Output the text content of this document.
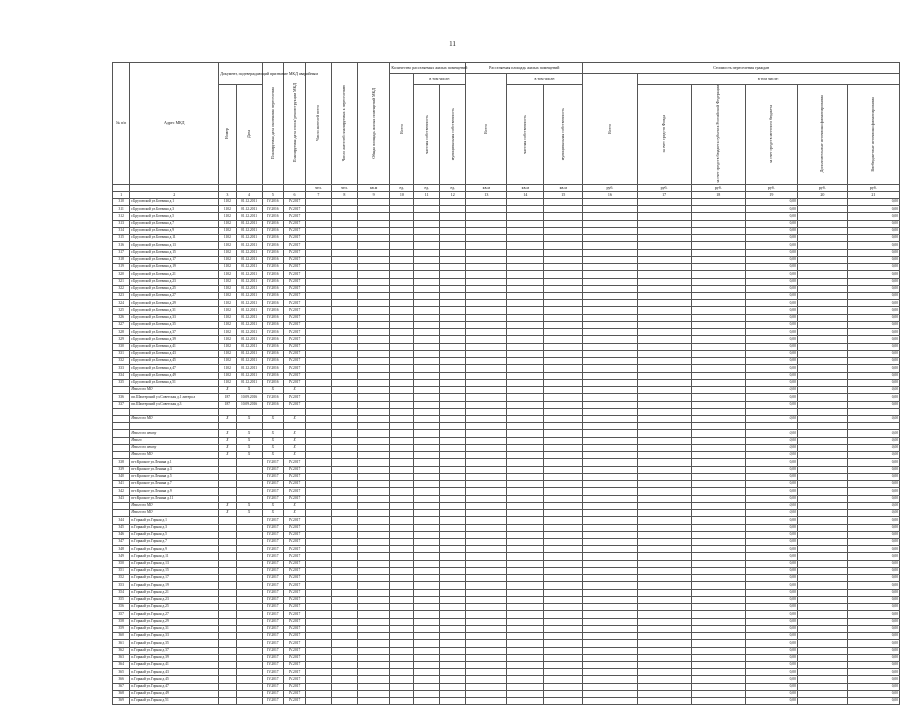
11
№ п/п	Адрес МКД	Документ, подтверждающий признание МКД аварийным		Планируемая дата окончания переселения	Планируемая дата сноса/ реконструкции МКД	Число жителей всего	Число жителей планируемых к переселению	Общая площадь жилых помещений МКД	Количество расселяемых жилых помещений			Расселяемая площадь жилых помещений			Стоимость переселения граждан					
									Всего	в том числе:		Всего	в том числе:		Всего	в том числе:				
		Номер	Дата							частная собственность	муниципальная собственность		частная собственность	муниципальная собственность		за счет средств Фонда	за счет средств бюджета субъекта Российской Федерации	за счет средств местного бюджета	Дополнительные источники финансирования	Внебюджетные источники финансирования
						чел.	чел.	кв.м	ед.	ед.	ед.	кв.м	кв.м	кв.м	руб.	руб.	руб.	руб.	руб.	руб.
1	2	3	4	5	6	7	8	9	10	11	12	13	14	15	16	17	18	19	20	21
310	г.Брусовской ул.Ботвина д.1	1102	01.12.2011	IV.2016	IV.2017													0,00		0,00
311	г.Брусовской ул.Ботвина д.3	1102	01.12.2011	IV.2016	IV.2017													0,00		0,00
312	г.Брусовской ул.Ботвина д.5	1102	01.12.2011	IV.2016	IV.2017													0,00		0,00
313	г.Брусовской ул.Ботвина д.7	1102	01.12.2011	IV.2016	IV.2017													0,00		0,00
314	г.Брусовской ул.Ботвина д.9	1102	01.12.2011	IV.2016	IV.2017													0,00		0,00
315	г.Брусовской ул.Ботвина д.11	1102	01.12.2011	IV.2016	IV.2017													0,00		0,00
316	г.Брусовской ул.Ботвина д.13	1102	01.12.2011	IV.2016	IV.2017													0,00		0,00
317	г.Брусовской ул.Ботвина д.15	1102	01.12.2011	IV.2016	IV.2017													0,00		0,00
318	г.Брусовской ул.Ботвина д.17	1102	01.12.2011	IV.2016	IV.2017													0,00		0,00
319	г.Брусовской ул.Ботвина д.19	1102	01.12.2011	IV.2016	IV.2017													0,00		0,00
320	г.Брусовской ул.Ботвина д.21	1102	01.12.2011	IV.2016	IV.2017													0,00		0,00
321	г.Брусовской ул.Ботвина д.23	1102	01.12.2011	IV.2016	IV.2017													0,00		0,00
322	г.Брусовской ул.Ботвина д.25	1102	01.12.2011	IV.2016	IV.2017													0,00		0,00
323	г.Брусовской ул.Ботвина д.27	1102	01.12.2011	IV.2016	IV.2017													0,00		0,00
324	г.Брусовской ул.Ботвина д.29	1102	01.12.2011	IV.2016	IV.2017													0,00		0,00
325	г.Брусовской ул.Ботвина д.31	1102	01.12.2011	IV.2016	IV.2017													0,00		0,00
326	г.Брусовской ул.Ботвина д.33	1102	01.12.2011	IV.2016	IV.2017													0,00		0,00
327	г.Брусовской ул.Ботвина д.35	1102	01.12.2011	IV.2016	IV.2017													0,00		0,00
328	г.Брусовской ул.Ботвина д.37	1102	01.12.2011	IV.2016	IV.2017													0,00		0,00
329	г.Брусовской ул.Ботвина д.39	1102	01.12.2011	IV.2016	IV.2017													0,00		0,00
330	г.Брусовской ул.Ботвина д.41	1102	01.12.2011	IV.2016	IV.2017													0,00		0,00
331	г.Брусовской ул.Ботвина д.43	1102	01.12.2011	IV.2016	IV.2017													0,00		0,00
332	г.Брусовской ул.Ботвина д.45	1102	01.12.2011	IV.2016	IV.2017													0,00		0,00
333	г.Брусовской ул.Ботвина д.47	1102	01.12.2011	IV.2016	IV.2017													0,00		0,00
334	г.Брусовской ул.Ботвина д.49	1102	01.12.2011	IV.2016	IV.2017													0,00		0,00
335	г.Брусовской ул.Ботвина д.51	1102	01.12.2011	IV.2016	IV.2017													0,00		0,00
	Итого по МО	X	X	X	X													0,00		0,00
336	пп.Шахтерский ул.Советская д.1 литера а	187	10.09.2016	IV.2016	IV.2017													0,00		0,00
337	пп.Шахтерский ул.Советская д.3	187	10.09.2016	IV.2016	IV.2017													0,00		0,00

	Итого по МО	X	X	X	X													0,00		0,00

	Итого по этапу	X	X	X	X													0,00		0,00
	Итого	X	X	X	X													0,00		0,00
	Итого по этапу	X	X	X	X													0,00		0,00
	Итого по МО	X	X	X	X													0,00		0,00
338	пгт.Красное ул.Ленина д.1			IV.2017	IV.2017													0,00		0,00
339	пгт.Красное ул.Ленина д.3			IV.2017	IV.2017													0,00		0,00
340	пгт.Красное ул.Ленина д.5			IV.2017	IV.2017													0,00		0,00
341	пгт.Красное ул.Ленина д.7			IV.2017	IV.2017													0,00		0,00
342	пгт.Красное ул.Ленина д.9			IV.2017	IV.2017													0,00		0,00
343	пгт.Красное ул.Ленина д.11			IV.2017	IV.2017													0,00		0,00
	Итого по МО	X	X	X	X													0,00		0,00
	Итого по МО	X	X	X	X													0,00		0,00
344	п.Горный ул.Горная д.1			IV.2017	IV.2017													0,00		0,00
345	п.Горный ул.Горная д.3			IV.2017	IV.2017													0,00		0,00
346	п.Горный ул.Горная д.5			IV.2017	IV.2017													0,00		0,00
347	п.Горный ул.Горная д.7			IV.2017	IV.2017													0,00		0,00
348	п.Горный ул.Горная д.9			IV.2017	IV.2017													0,00		0,00
349	п.Горный ул.Горная д.11			IV.2017	IV.2017													0,00		0,00
350	п.Горный ул.Горная д.13			IV.2017	IV.2017													0,00		0,00
351	п.Горный ул.Горная д.15			IV.2017	IV.2017													0,00		0,00
352	п.Горный ул.Горная д.17			IV.2017	IV.2017													0,00		0,00
353	п.Горный ул.Горная д.19			IV.2017	IV.2017													0,00		0,00
354	п.Горный ул.Горная д.21			IV.2017	IV.2017													0,00		0,00
355	п.Горный ул.Горная д.23			IV.2017	IV.2017													0,00		0,00
356	п.Горный ул.Горная д.25			IV.2017	IV.2017													0,00		0,00
357	п.Горный ул.Горная д.27			IV.2017	IV.2017													0,00		0,00
358	п.Горный ул.Горная д.29			IV.2017	IV.2017													0,00		0,00
359	п.Горный ул.Горная д.31			IV.2017	IV.2017													0,00		0,00
360	п.Горный ул.Горная д.33			IV.2017	IV.2017													0,00		0,00
361	п.Горный ул.Горная д.35			IV.2017	IV.2017													0,00		0,00
362	п.Горный ул.Горная д.37			IV.2017	IV.2017													0,00		0,00
363	п.Горный ул.Горная д.39			IV.2017	IV.2017													0,00		0,00
364	п.Горный ул.Горная д.41			IV.2017	IV.2017													0,00		0,00
365	п.Горный ул.Горная д.43			IV.2017	IV.2017													0,00		0,00
366	п.Горный ул.Горная д.45			IV.2017	IV.2017													0,00		0,00
367	п.Горный ул.Горная д.47			IV.2017	IV.2017													0,00		0,00
368	п.Горный ул.Горная д.49			IV.2017	IV.2017													0,00		0,00
369	п.Горный ул.Горная д.51			IV.2017	IV.2017													0,00		0,00
